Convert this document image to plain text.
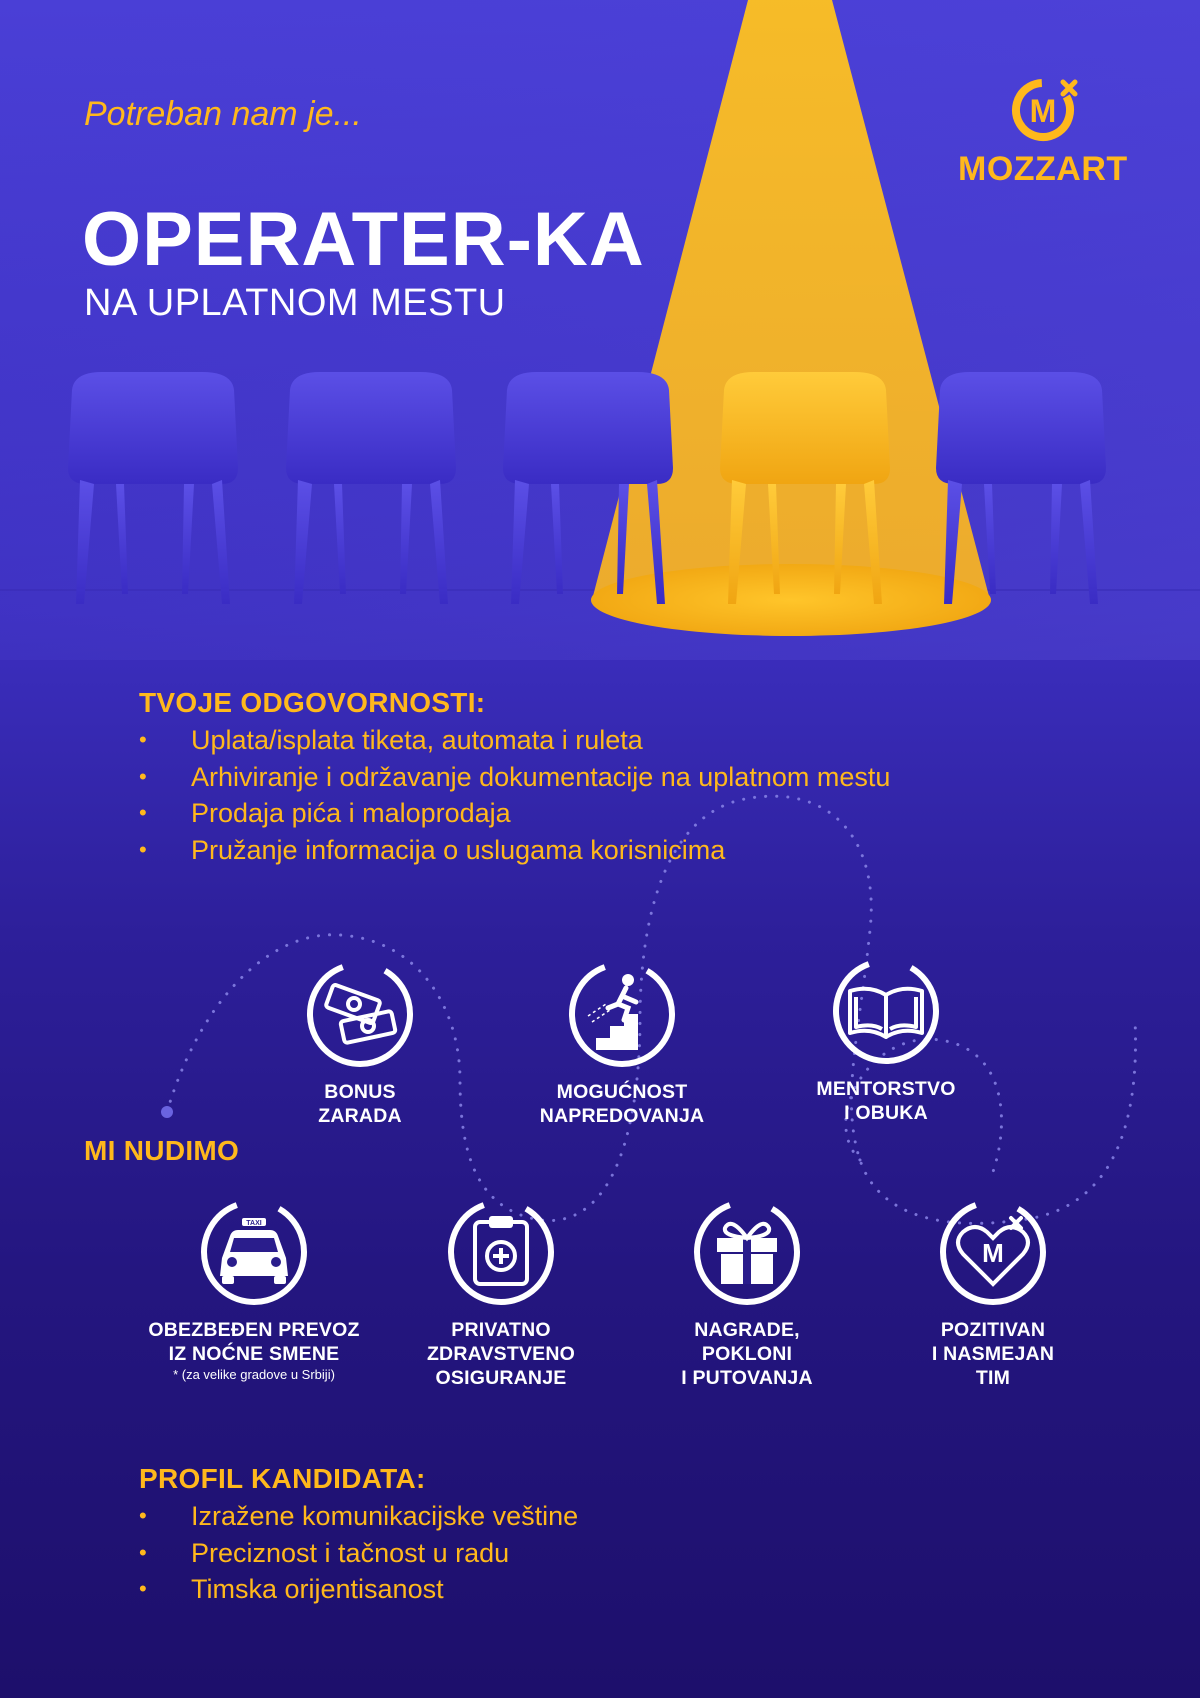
Potreban nam je...
OPERATER-KA
NA UPLATNOM MESTU
M
MOZZART
TVOJE ODGOVORNOSTI:
• Uplata/isplata tiketa, automata i ruleta
• Arhiviranje i održavanje dokumentacije na uplatnom mestu
• Prodaja pića i maloprodaja
• Pružanje informacija o uslugama korisnicima
MI NUDIMO
BONUS
ZARADA
MOGUĆNOST
NAPREDOVANJA
MENTORSTVO
I OBUKA
TAXI
OBEZBEĐEN PREVOZ
IZ NOĆNE SMENE
* (za velike gradove u Srbiji)
PRIVATNO
ZDRAVSTVENO
OSIGURANJE
NAGRADE,
POKLONI
I PUTOVANJA
M
POZITIVAN
I NASMEJAN
TIM
PROFIL KANDIDATA:
• Izražene komunikacijske veštine
• Preciznost i tačnost u radu
• Timska orijentisanost
